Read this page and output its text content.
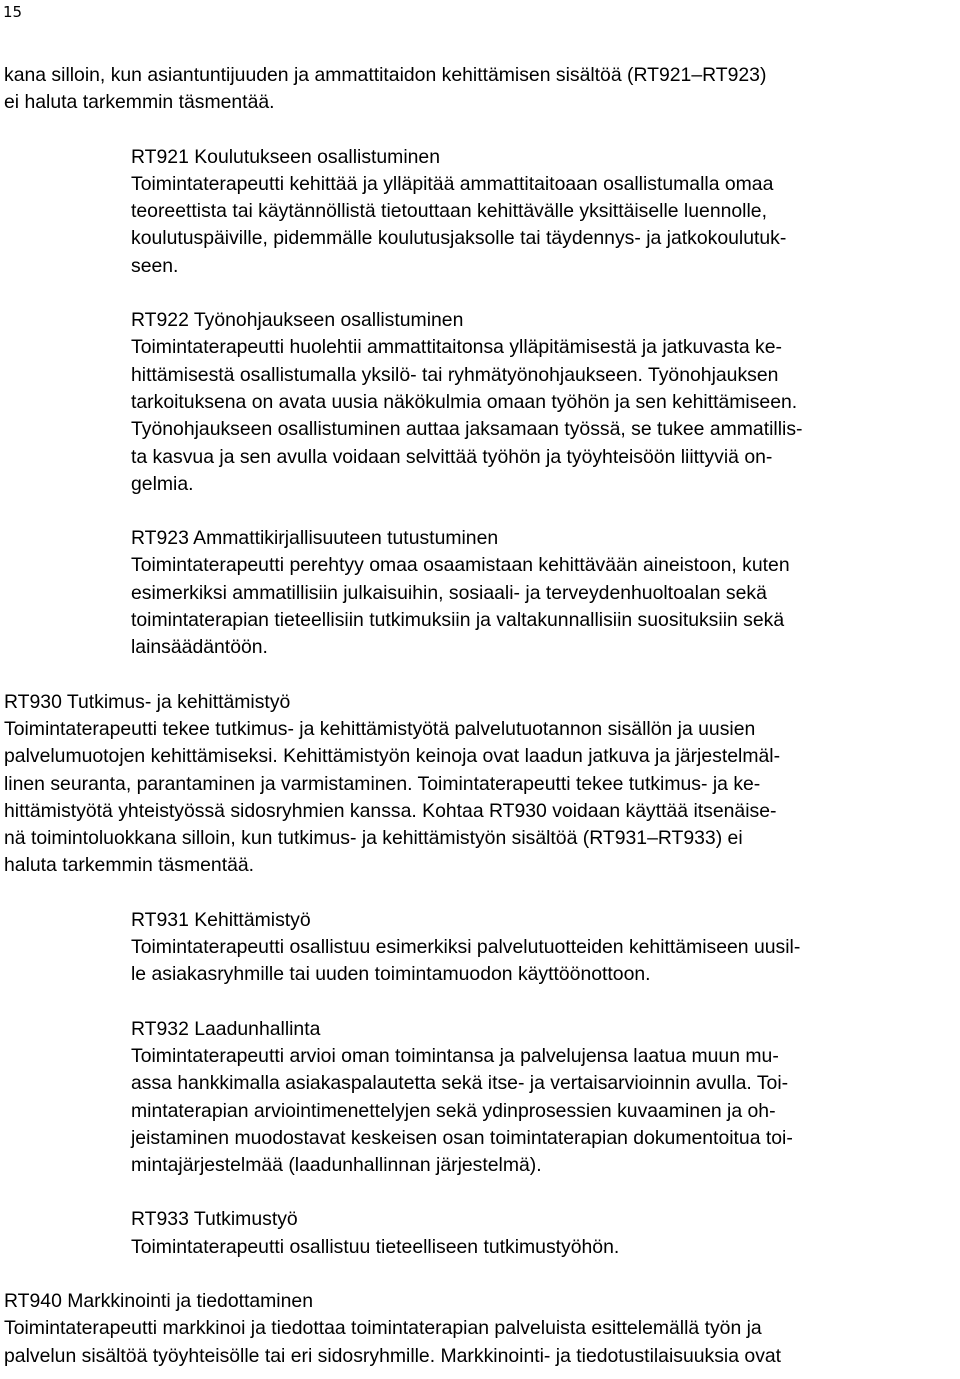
15

kana silloin, kun asiantuntijuuden ja ammattitaidon kehittämisen sisältöä (RT921–RT923)
ei haluta tarkemmin täsmentää.

RT921 Koulutukseen osallistuminen

Toimintaterapeutti kehittää ja ylläpitää ammattitaitoaan osallistumalla omaa
teoreettista tai käytännöllistä tietouttaan kehittävälle yksittäiselle luennolle,
koulutuspäiville, pidemmälle koulutusjaksolle tai täydennys- ja jatkokoulutuk-
seen.

RT922 Työnohjaukseen osallistuminen

Toimintaterapeutti huolehtii ammattitaitonsa ylläpitämisestä ja jatkuvasta ke-
hittämisestä osallistumalla yksilö- tai ryhmätyönohjaukseen. Työnohjauksen
tarkoituksena on avata uusia näkökulmia omaan työhön ja sen kehittämiseen.
Työnohjaukseen osallistuminen auttaa jaksamaan työssä, se tukee ammatillis-
ta kasvua ja sen avulla voidaan selvittää työhön ja työyhteisöön liittyviä on-
gelmia.

RT923 Ammattikirjallisuuteen tutustuminen

Toimintaterapeutti perehtyy omaa osaamistaan kehittävään aineistoon, kuten
esimerkiksi ammatillisiin julkaisuihin, sosiaali- ja terveydenhuoltoalan sekä
toimintaterapian tieteellisiin tutkimuksiin ja valtakunnallisiin suosituksiin sekä
lainsäädäntöön.

RT930 Tutkimus- ja kehittämistyö

Toimintaterapeutti tekee tutkimus- ja kehittämistyötä palvelutuotannon sisällön ja uusien
palvelumuotojen kehittämiseksi. Kehittämistyön keinoja ovat laadun jatkuva ja järjestelmäl-
linen seuranta, parantaminen ja varmistaminen. Toimintaterapeutti tekee tutkimus- ja ke-
hittämistyötä yhteistyössä sidosryhmien kanssa. Kohtaa RT930 voidaan käyttää itsenäise-
nä toimintoluokkana silloin, kun tutkimus- ja kehittämistyön sisältöä (RT931–RT933) ei
haluta tarkemmin täsmentää.

RT931 Kehittämistyö

Toimintaterapeutti osallistuu esimerkiksi palvelutuotteiden kehittämiseen uusil-
le asiakasryhmille tai uuden toimintamuodon käyttöönottoon.

RT932 Laadunhallinta

Toimintaterapeutti arvioi oman toimintansa ja palvelujensa laatua muun mu-
assa hankkimalla asiakaspalautetta sekä itse- ja vertaisarvioinnin avulla. Toi-
mintaterapian arviointimenettelyjen sekä ydinprosessien kuvaaminen ja oh-
jeistaminen muodostavat keskeisen osan toimintaterapian dokumentoitua toi-
mintajärjestelmää (laadunhallinnan järjestelmä).

RT933 Tutkimustyö

Toimintaterapeutti osallistuu tieteelliseen tutkimustyöhön.

RT940 Markkinointi ja tiedottaminen

Toimintaterapeutti markkinoi ja tiedottaa toimintaterapian palveluista esittelemällä työn ja
palvelun sisältöä työyhteisölle tai eri sidosryhmille. Markkinointi- ja tiedotustilaisuuksia ovat
